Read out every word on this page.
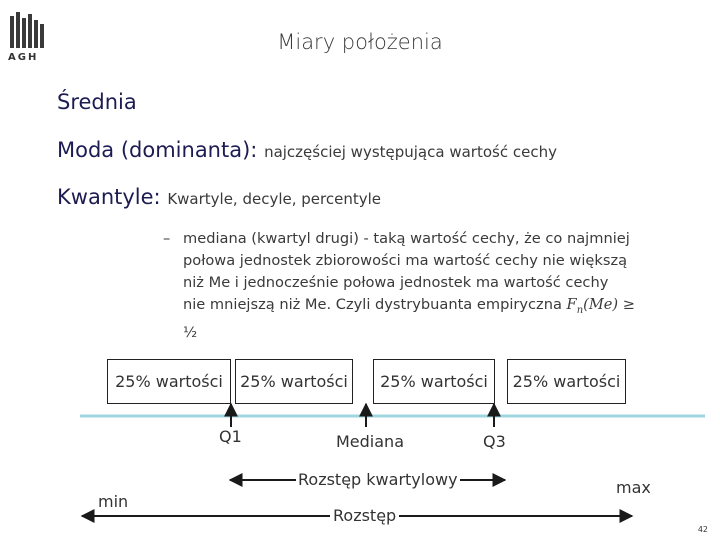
AGH
Miary położenia
Średnia
Moda (dominanta): najczęściej występująca wartość cechy
Kwantyle: Kwartyle, decyle, percentyle
– mediana (kwartyl drugi) - taką wartość cechy, że co najmniej
połowa jednostek zbiorowości ma wartość cechy nie większą
niż Me i jednocześnie połowa jednostek ma wartość cechy
nie mniejszą niż Me. Czyli dystrybuanta empiryczna $F_n(Me)$ ≥
½
25% wartości	25% wartości	25% wartości	25% wartości
Q1	Mediana	Q3
Rozstęp kwartylowy
min
max
Rozstęp
42
